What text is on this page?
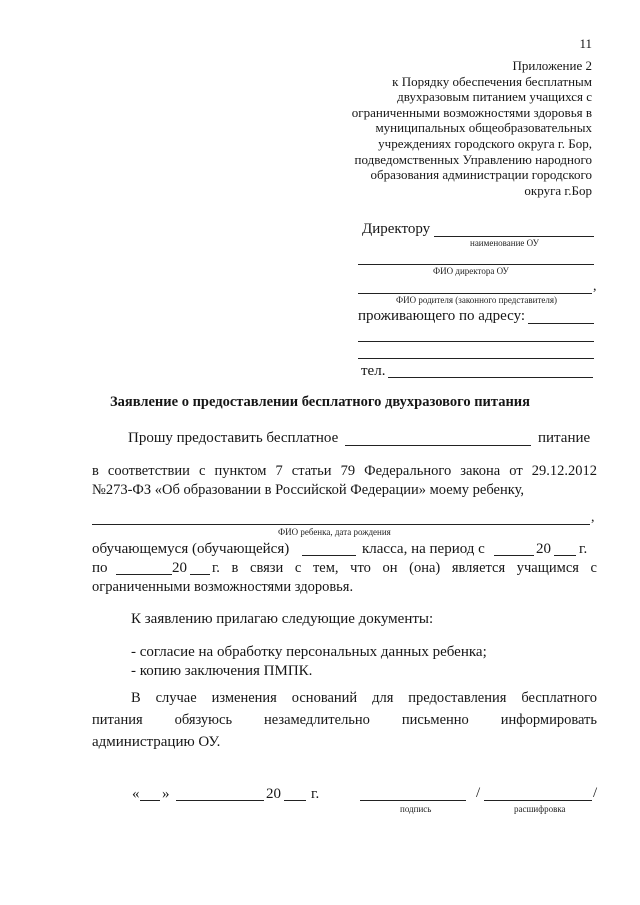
11
Приложение 2
к Порядку обеспечения бесплатным
двухразовым питанием учащихся с
ограниченными возможностями здоровья в
муниципальных общеобразовательных
учреждениях городского округа г. Бор,
подведомственных Управлению народного
образования администрации городского
округа г.Бор
Директору
наименование ОУ
ФИО директора ОУ
,
ФИО родителя (законного представителя)
проживающего по адресу:
тел.
Заявление о предоставлении бесплатного двухразового питания
Прошу предоставить бесплатное	питание
в соответствии с пунктом 7 статьи 79 Федерального закона от 29.12.2012
№273-ФЗ «Об образовании в Российской Федерации» моему ребенку,
,
ФИО ребенка, дата рождения
обучающемуся (обучающейся)	класса, на период с	20 г.
по	20 г. в связи с тем, что он (она) является учащимся с
ограниченными возможностями здоровья.
К заявлению прилагаю следующие документы:
- согласие на обработку персональных данных ребенка;
- копию заключения ПМПК.
В случае изменения оснований для предоставления бесплатного
питания обязуюсь незамедлительно письменно информировать
администрацию ОУ.
« »	20 г.	/	/
подпись	расшифровка
